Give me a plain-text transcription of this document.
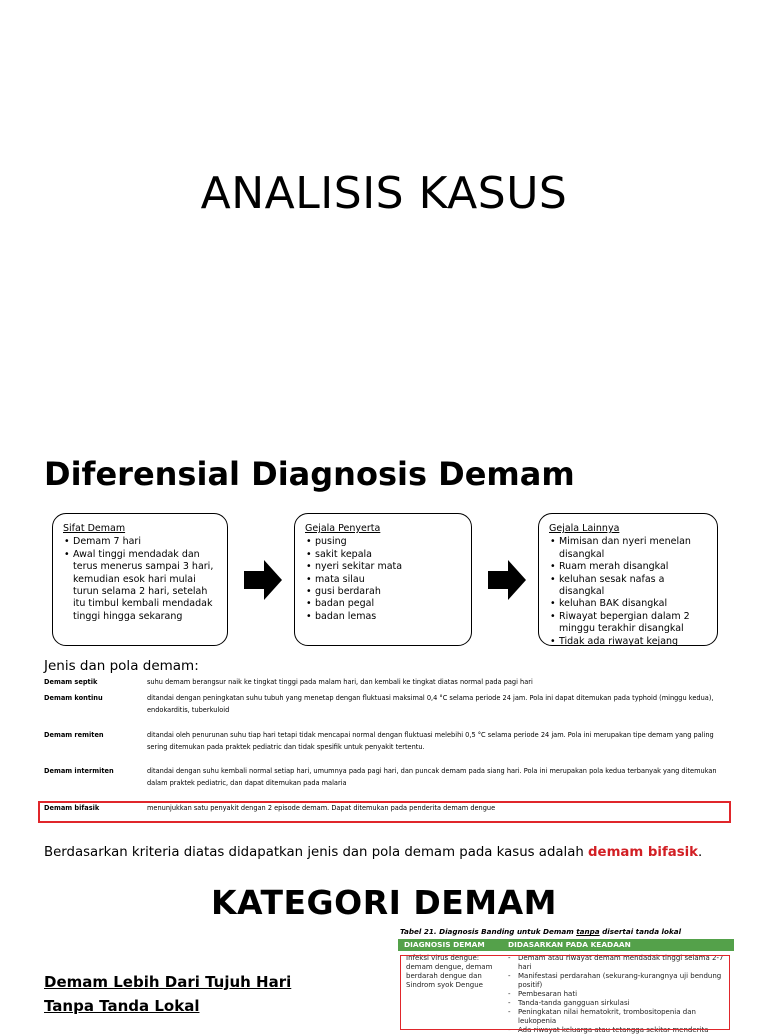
ANALISIS KASUS
Diferensial Diagnosis Demam
Sifat Demam
• Demam 7 hari
• Awal tinggi mendadak dan terus menerus sampai 3 hari, kemudian esok hari mulai turun selama 2 hari, setelah itu timbul kembali mendadak tinggi hingga sekarang
Gejala Penyerta
• pusing
• sakit kepala
• nyeri sekitar mata
• mata silau
• gusi berdarah
• badan pegal
• badan lemas
Gejala Lainnya
• Mimisan dan nyeri menelan disangkal
• Ruam merah disangkal
• keluhan sesak nafas a disangkal
• keluhan BAK disangkal
• Riwayat bepergian dalam 2 minggu terakhir disangkal
• Tidak ada riwayat kejang
Jenis dan pola demam:
Demam septik	suhu demam berangsur naik ke tingkat tinggi pada malam hari, dan kembali ke tingkat diatas normal pada pagi hari
Demam kontinu	ditandai dengan peningkatan suhu tubuh yang menetap dengan fluktuasi maksimal 0,4 °C selama periode 24 jam. Pola ini dapat ditemukan pada typhoid (minggu kedua), endokarditis, tuberkuloid
Demam remiten	ditandai oleh penurunan suhu tiap hari tetapi tidak mencapai normal dengan fluktuasi melebihi 0,5 °C selama periode 24 jam. Pola ini merupakan tipe demam yang paling sering ditemukan pada praktek pediatric dan tidak spesifik untuk penyakit tertentu.
Demam intermiten	ditandai dengan suhu kembali normal setiap hari, umumnya pada pagi hari, dan puncak demam pada siang hari. Pola ini merupakan pola kedua terbanyak yang ditemukan dalam praktek pediatric, dan dapat ditemukan pada malaria
Demam bifasik	menunjukkan satu penyakit dengan 2 episode demam. Dapat ditemukan pada penderita demam dengue
Berdasarkan kriteria diatas didapatkan jenis dan pola demam pada kasus adalah demam bifasik.
KATEGORI DEMAM
Demam Lebih Dari Tujuh Hari Tanpa Tanda Lokal
Tabel 21. Diagnosis Banding untuk Demam tanpa disertai tanda lokal
DIAGNOSIS DEMAM	DIDASARKAN PADA KEADAAN
Infeksi virus dengue: demam dengue, demam berdarah dengue dan Sindrom syok Dengue
- Demam atau riwayat demam mendadak tinggi selama 2-7 hari
- Manifestasi perdarahan (sekurang-kurangnya uji bendung positif)
- Pembesaran hati
- Tanda-tanda gangguan sirkulasi
- Peningkatan nilai hematokrit, trombositopenia dan leukopenia
- Ada riwayat keluarga atau tetangga sekitar menderita
